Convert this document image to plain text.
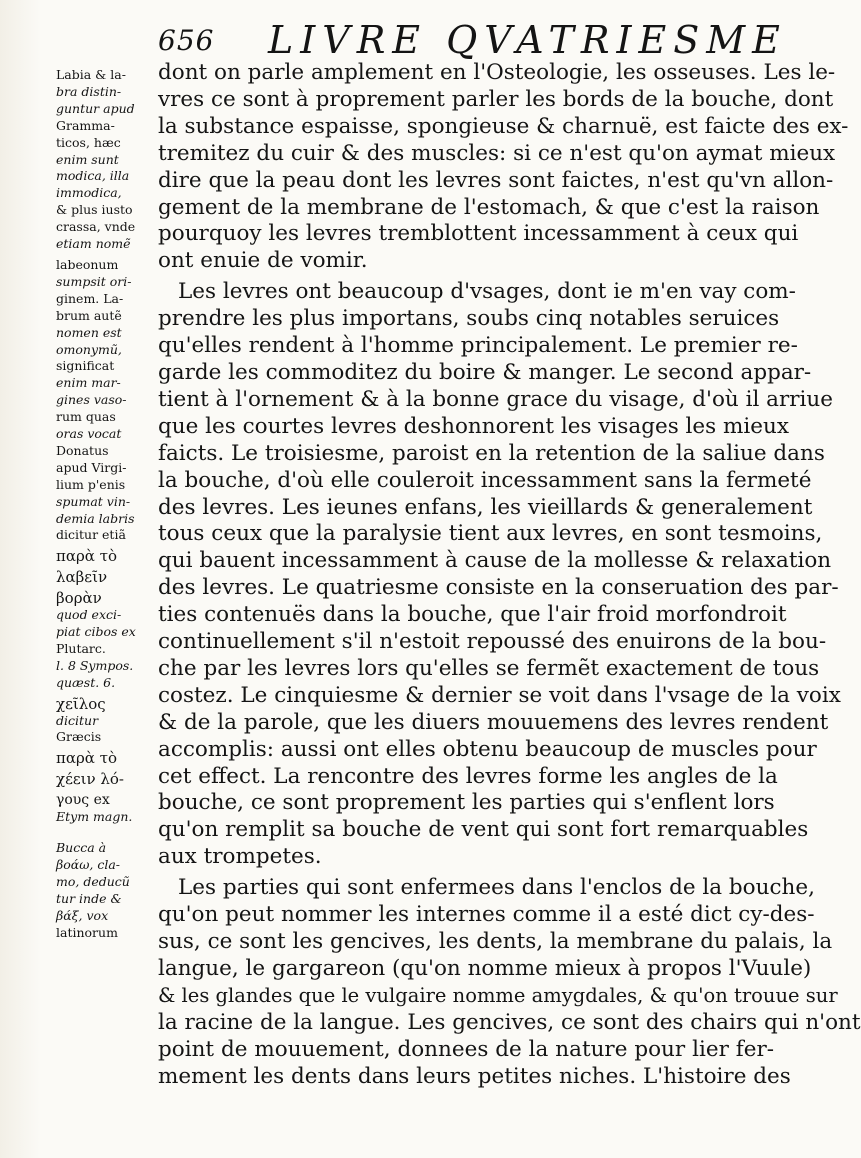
656 LIVRE QVATRIESME
Labia & la-
bra distin-
guntur apud
Gramma-
ticos, hæc
enim sunt
modica, illa
immodica,
& plus iusto
crassa, vnde
etiam nomẽ
labeonum
sumpsit ori-
ginem. La-
brum autẽ
nomen est
omonymũ,
significat
enim mar-
gines vaso-
rum quas
oras vocat
Donatus
apud Virgi-
lium p'enis
spumat vin-
demia labris
dicitur etiã
παρὰ τὸ
λαβεῖν
βορὰν
quod exci-
piat cibos ex
Plutarc.
l. 8 Sympos.
quæst. 6.
χεῖλος
dicitur
Græcis
παρὰ τὸ
χέειν λό-
γους ex
Etym magn.
Bucca à
βοάω, cla-
mo, deducũ
tur inde &
βάξ, vox
latinorum
dont on parle amplement en l'Osteologie, les osseuses. Les le-
vres ce sont à proprement parler les bords de la bouche, dont
la substance espaisse, spongieuse & charnuë, est faicte des ex-
tremitez du cuir & des muscles: si ce n'est qu'on aymat mieux
dire que la peau dont les levres sont faictes, n'est qu'vn allon-
gement de la membrane de l'estomach, & que c'est la raison
pourquoy les levres tremblottent incessamment à ceux qui
ont enuie de vomir.
Les levres ont beaucoup d'vsages, dont ie m'en vay com-
prendre les plus importans, soubs cinq notables seruices
qu'elles rendent à l'homme principalement. Le premier re-
garde les commoditez du boire & manger. Le second appar-
tient à l'ornement & à la bonne grace du visage, d'où il arriue
que les courtes levres deshonnorent les visages les mieux
faicts. Le troisiesme, paroist en la retention de la saliue dans
la bouche, d'où elle couleroit incessamment sans la fermeté
des levres. Les ieunes enfans, les vieillards & generalement
tous ceux que la paralysie tient aux levres, en sont tesmoins,
qui bauent incessamment à cause de la mollesse & relaxation
des levres. Le quatriesme consiste en la conseruation des par-
ties contenuës dans la bouche, que l'air froid morfondroit
continuellement s'il n'estoit repoussé des enuirons de la bou-
che par les levres lors qu'elles se fermẽt exactement de tous
costez. Le cinquiesme & dernier se voit dans l'vsage de la voix
& de la parole, que les diuers mouuemens des levres rendent
accomplis: aussi ont elles obtenu beaucoup de muscles pour
cet effect. La rencontre des levres forme les angles de la
bouche, ce sont proprement les parties qui s'enflent lors
qu'on remplit sa bouche de vent qui sont fort remarquables
aux trompetes.
Les parties qui sont enfermees dans l'enclos de la bouche,
qu'on peut nommer les internes comme il a esté dict cy-des-
sus, ce sont les gencives, les dents, la membrane du palais, la
langue, le gargareon (qu'on nomme mieux à propos l'Vuule)
& les glandes que le vulgaire nomme amygdales, & qu'on trouue sur
la racine de la langue. Les gencives, ce sont des chairs qui n'ont
point de mouuement, donnees de la nature pour lier fer-
mement les dents dans leurs petites niches. L'histoire des
